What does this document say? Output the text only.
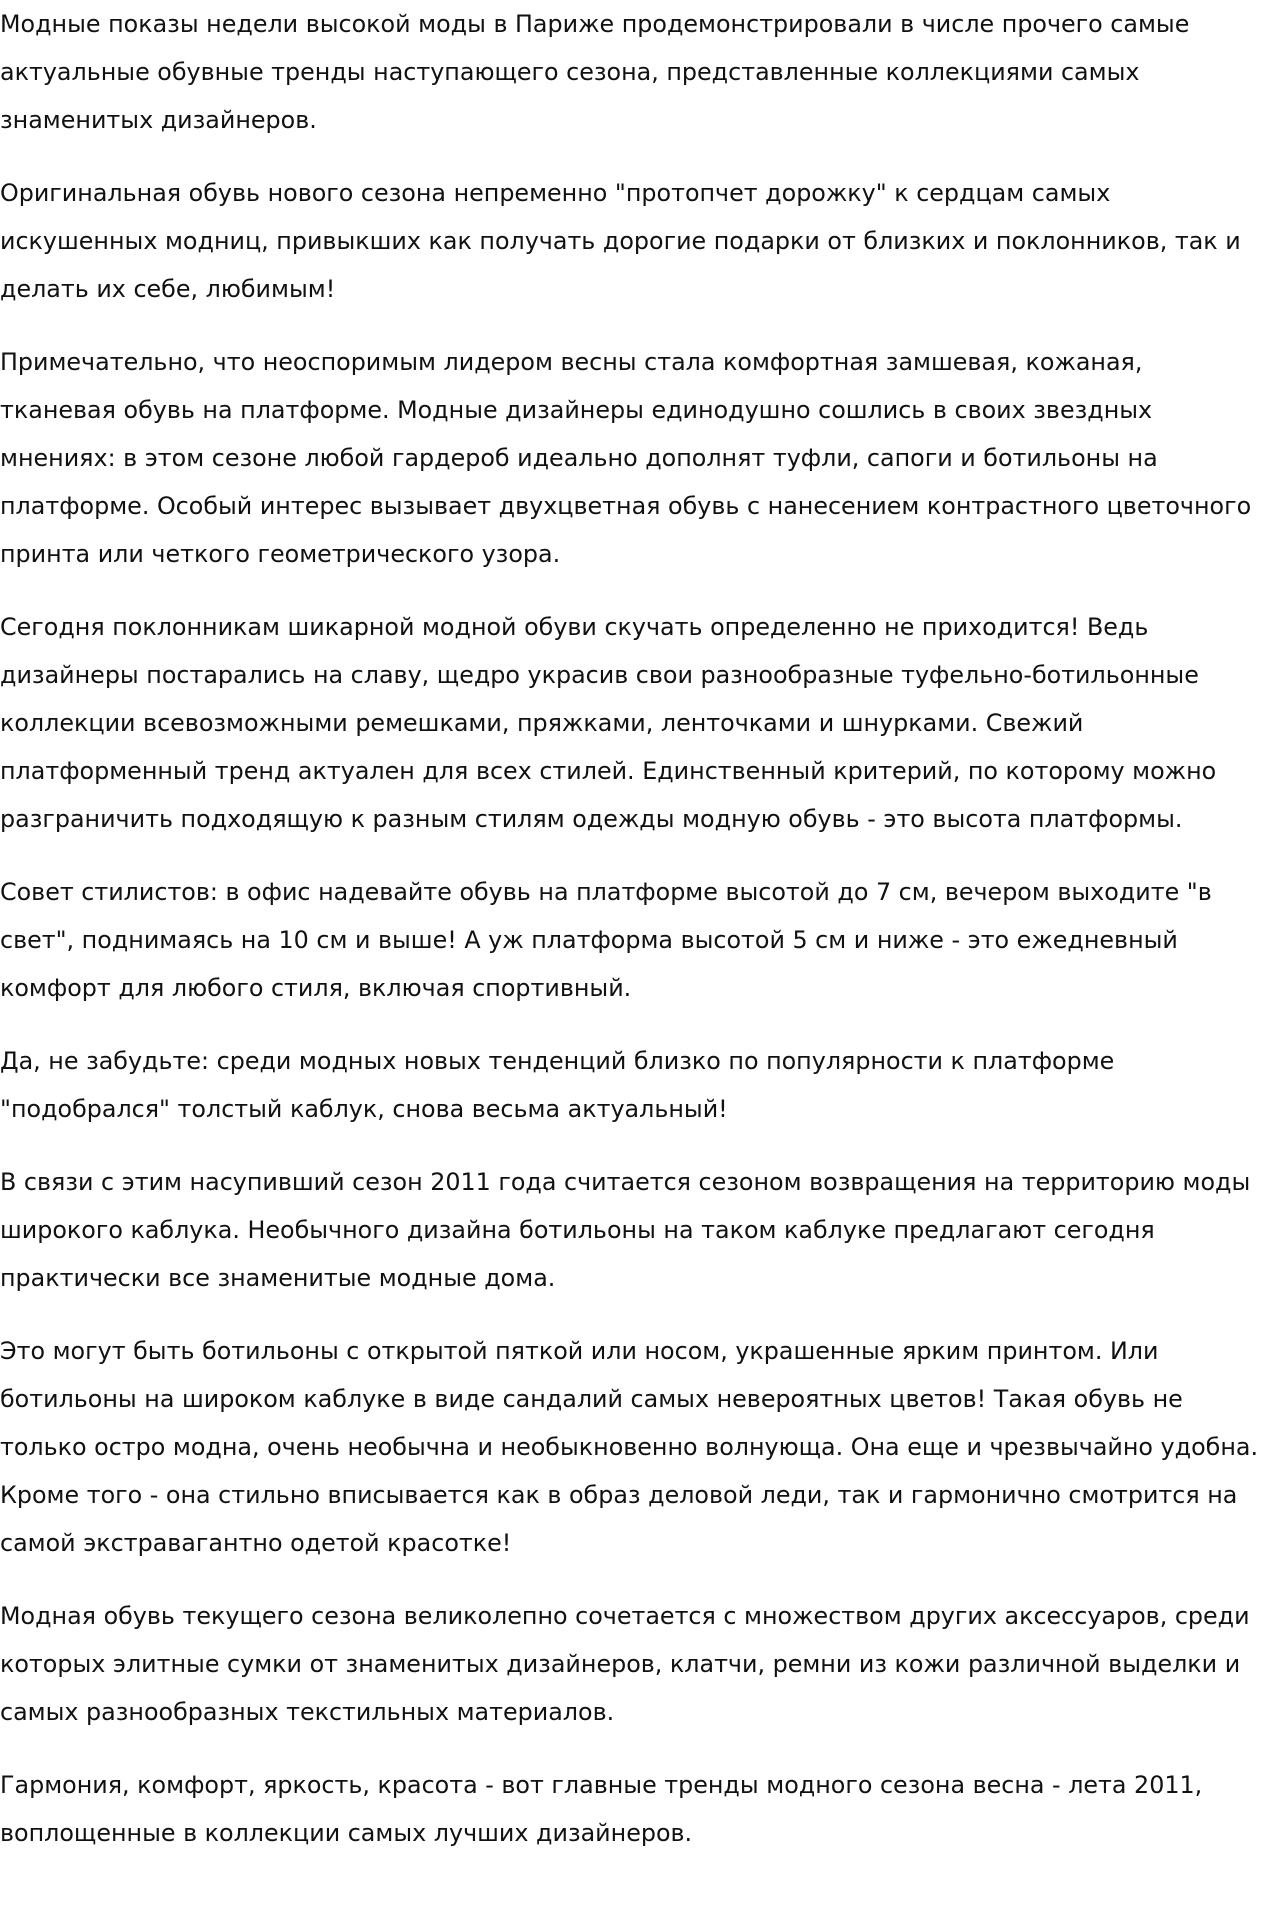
Модные показы недели высокой моды в Париже продемонстрировали в числе прочего самые актуальные обувные тренды наступающего сезона, представленные коллекциями самых знаменитых дизайнеров.

Оригинальная обувь нового сезона непременно "протопчет дорожку" к сердцам самых искушенных модниц, привыкших как получать дорогие подарки от близких и поклонников, так и делать их себе, любимым!

Примечательно, что неоспоримым лидером весны стала комфортная замшевая, кожаная, тканевая обувь на платформе. Модные дизайнеры единодушно сошлись в своих звездных мнениях: в этом сезоне любой гардероб идеально дополнят туфли, сапоги и ботильоны на платформе. Особый интерес вызывает двухцветная обувь с нанесением контрастного цветочного принта или четкого геометрического узора.

Сегодня поклонникам шикарной модной обуви скучать определенно не приходится! Ведь дизайнеры постарались на славу, щедро украсив свои разнообразные туфельно-ботильонные коллекции всевозможными ремешками, пряжками, ленточками и шнурками. Свежий платформенный тренд актуален для всех стилей. Единственный критерий, по которому можно разграничить подходящую к разным стилям одежды модную обувь - это высота платформы.

Совет стилистов: в офис надевайте обувь на платформе высотой до 7 см, вечером выходите "в свет", поднимаясь на 10 см и выше! А уж платформа высотой 5 см и ниже - это ежедневный комфорт для любого стиля, включая спортивный.

Да, не забудьте: среди модных новых тенденций близко по популярности к платформе "подобрался" толстый каблук, снова весьма актуальный!

В связи с этим насупивший сезон 2011 года считается сезоном возвращения на территорию моды широкого каблука. Необычного дизайна ботильоны на таком каблуке предлагают сегодня практически все знаменитые модные дома.

Это могут быть ботильоны с открытой пяткой или носом, украшенные ярким принтом. Или ботильоны на широком каблуке в виде сандалий самых невероятных цветов! Такая обувь не только остро модна, очень необычна и необыкновенно волнующа. Она еще и чрезвычайно удобна. Кроме того - она стильно вписывается как в образ деловой леди, так и гармонично смотрится на самой экстравагантно одетой красотке!

Модная обувь текущего сезона великолепно сочетается с множеством других аксессуаров, среди которых элитные сумки от знаменитых дизайнеров, клатчи, ремни из кожи различной выделки и самых разнообразных текстильных материалов.

Гармония, комфорт, яркость, красота - вот главные тренды модного сезона весна - лета 2011, воплощенные в коллекции самых лучших дизайнеров.
